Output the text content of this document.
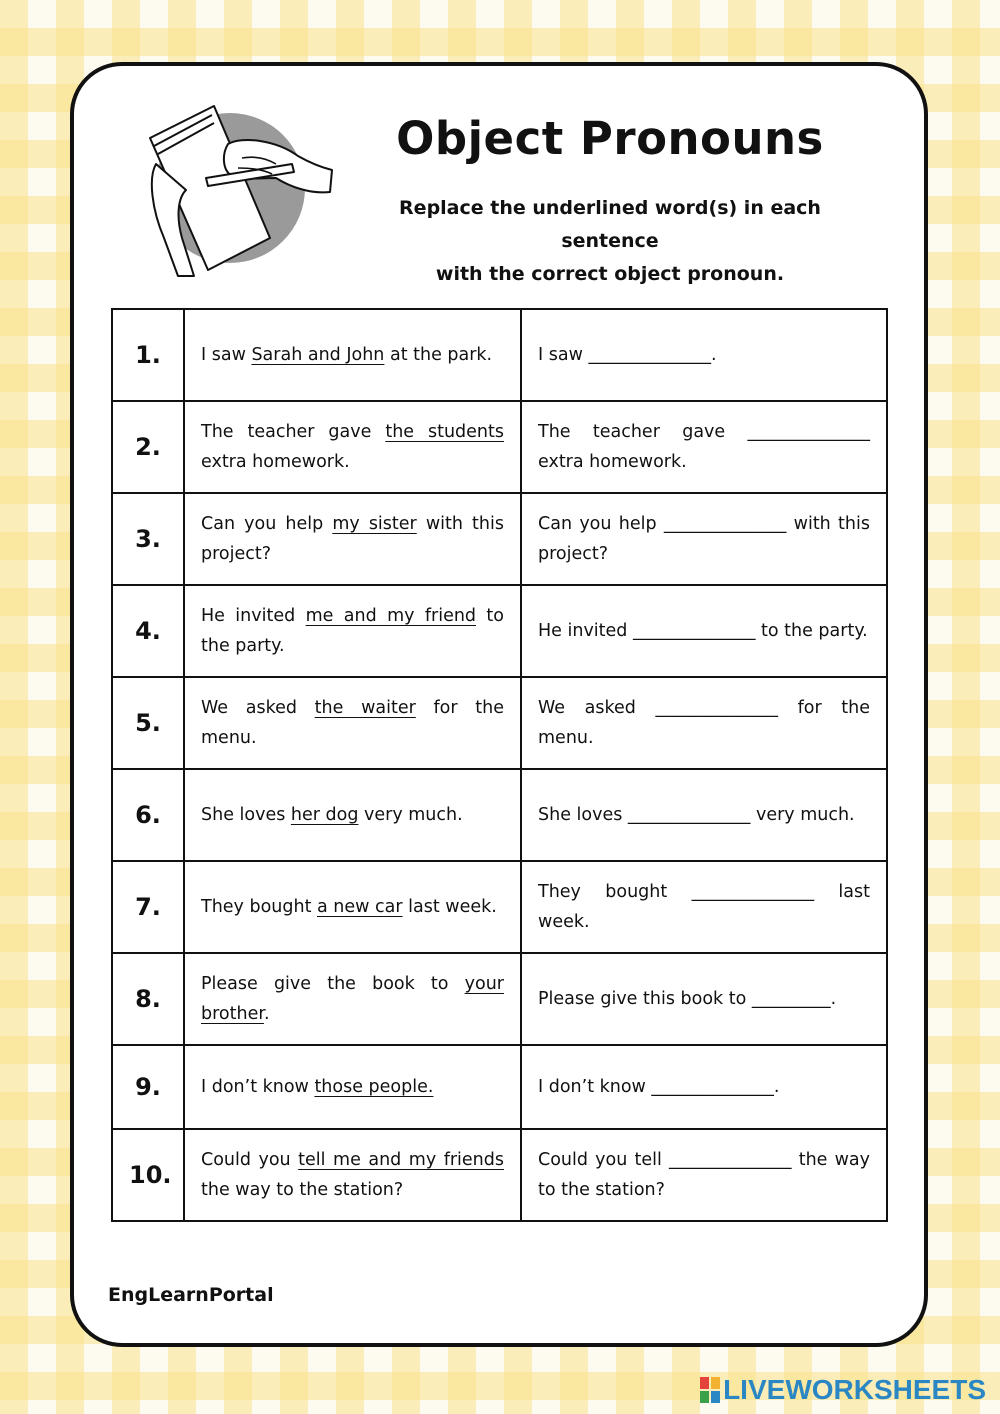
Object Pronouns
Replace the underlined word(s) in each sentence
with the correct object pronoun.
1.	I saw Sarah and John at the park.	I saw ______________.
2.	The teacher gave the students extra homework.	The teacher gave ______________ extra homework.
3.	Can you help my sister with this project?	Can you help ______________ with this project?
4.	He invited me and my friend to the party.	He invited ______________ to the party.
5.	We asked the waiter for the menu.	We asked ______________ for the menu.
6.	She loves her dog very much.	She loves ______________ very much.
7.	They bought a new car last week.	They bought ______________ last week.
8.	Please give the book to your brother.	Please give this book to _________.
9.	I don’t know those people.	I don’t know ______________.
10.	Could you tell me and my friends the way to the station?	Could you tell ______________ the way to the station?
EngLearnPortal
LIVEWORKSHEETS
